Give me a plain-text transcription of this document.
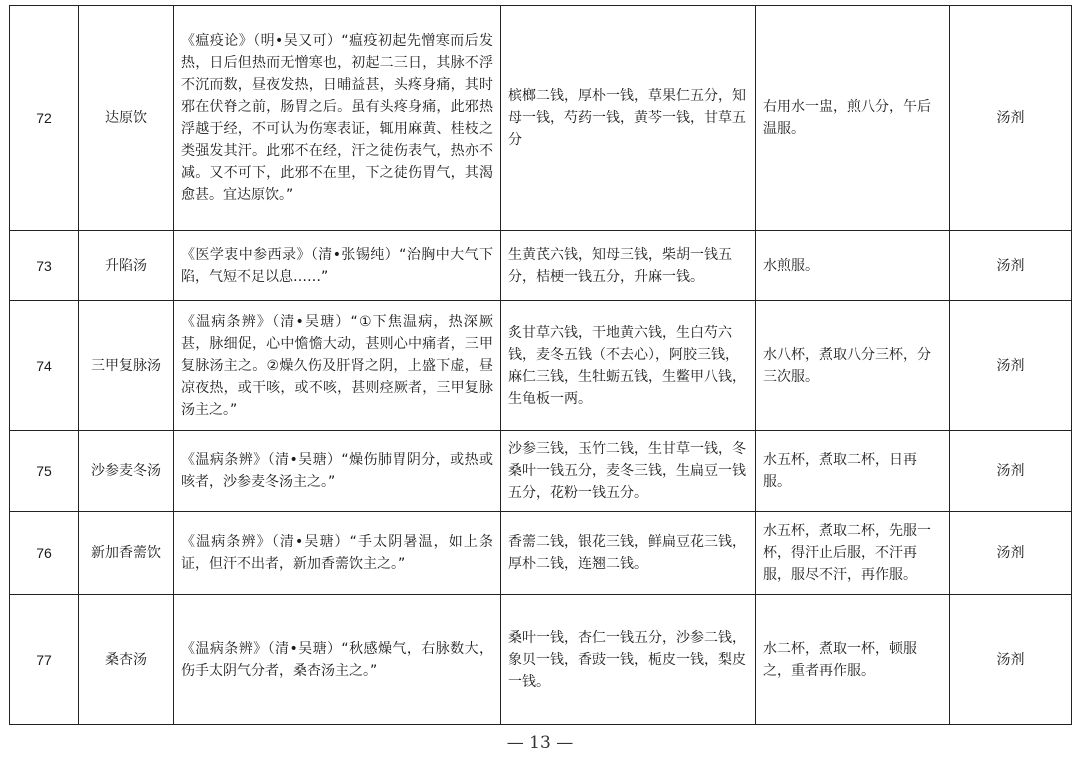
72	达原饮	《瘟疫论》（明•吴又可）“瘟疫初起先憎寒而后发热，日后但热而无憎寒也，初起二三日，其脉不浮不沉而数，昼夜发热，日晡益甚，头疼身痛，其时邪在伏脊之前，肠胃之后。虽有头疼身痛，此邪热浮越于经，不可认为伤寒表证，辄用麻黄、桂枝之类强发其汗。此邪不在经，汗之徒伤表气，热亦不减。又不可下，此邪不在里，下之徒伤胃气，其渴愈甚。宜达原饮。”	槟榔二钱，厚朴一钱，草果仁五分，知母一钱，芍药一钱，黄芩一钱，甘草五分	右用水一盅，煎八分，午后温服。	汤剂
73	升陷汤	《医学衷中参西录》（清•张锡纯）“治胸中大气下陷，气短不足以息……”	生黄芪六钱，知母三钱，柴胡一钱五分，桔梗一钱五分，升麻一钱。	水煎服。	汤剂
74	三甲复脉汤	《温病条辨》（清•吴瑭）“①下焦温病，热深厥甚，脉细促，心中憺憺大动，甚则心中痛者，三甲复脉汤主之。②燥久伤及肝肾之阴，上盛下虚，昼凉夜热，或干咳，或不咳，甚则痉厥者，三甲复脉汤主之。”	炙甘草六钱，干地黄六钱，生白芍六钱，麦冬五钱（不去心），阿胶三钱，麻仁三钱，生牡蛎五钱，生鳖甲八钱，生龟板一两。	水八杯，煮取八分三杯，分三次服。	汤剂
75	沙参麦冬汤	《温病条辨》（清•吴瑭）“燥伤肺胃阴分，或热或咳者，沙参麦冬汤主之。”	沙参三钱，玉竹二钱，生甘草一钱，冬桑叶一钱五分，麦冬三钱，生扁豆一钱五分，花粉一钱五分。	水五杯，煮取二杯，日再服。	汤剂
76	新加香薷饮	《温病条辨》（清•吴瑭）“手太阴暑温，如上条证，但汗不出者，新加香薷饮主之。”	香薷二钱，银花三钱，鲜扁豆花三钱，厚朴二钱，连翘二钱。	水五杯，煮取二杯，先服一杯，得汗止后服，不汗再服，服尽不汗，再作服。	汤剂
77	桑杏汤	《温病条辨》（清•吴瑭）“秋感燥气，右脉数大，伤手太阴气分者，桑杏汤主之。”	桑叶一钱，杏仁一钱五分，沙参二钱，象贝一钱，香豉一钱，栀皮一钱，梨皮一钱。	水二杯，煮取一杯，顿服之，重者再作服。	汤剂
— 13 —
